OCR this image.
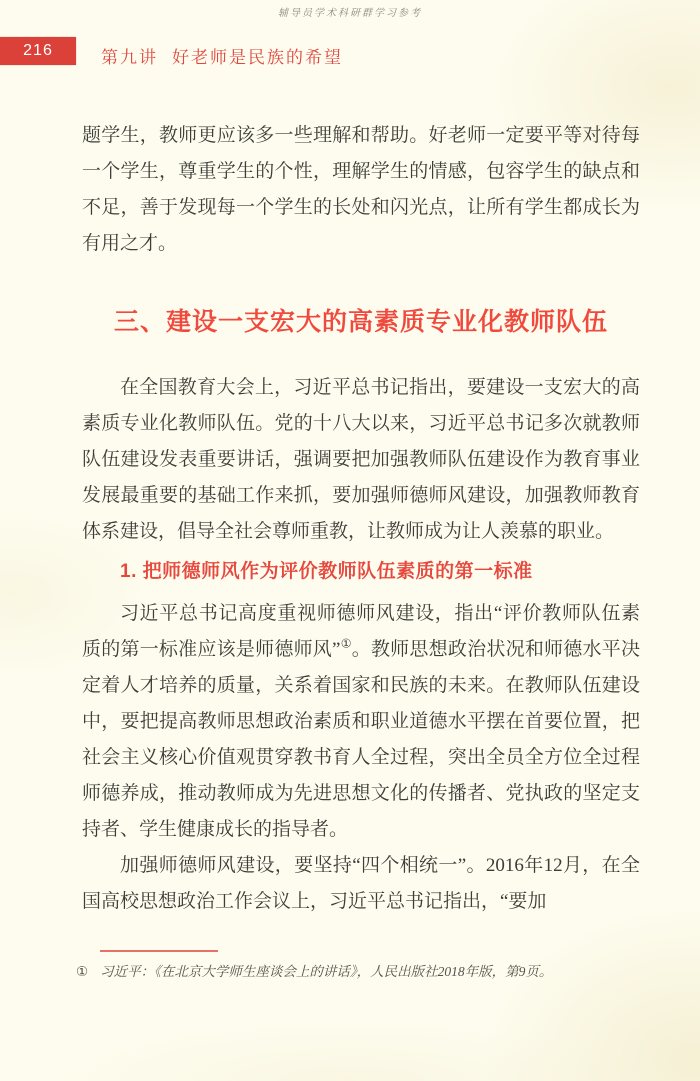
辅导员学术科研群学习参考
216	第九讲 好老师是民族的希望

题学生，教师更应该多一些理解和帮助。好老师一定要平等对待每一个学生，尊重学生的个性，理解学生的情感，包容学生的缺点和不足，善于发现每一个学生的长处和闪光点，让所有学生都成长为有用之才。

三、建设一支宏大的高素质专业化教师队伍

在全国教育大会上，习近平总书记指出，要建设一支宏大的高素质专业化教师队伍。党的十八大以来，习近平总书记多次就教师队伍建设发表重要讲话，强调要把加强教师队伍建设作为教育事业发展最重要的基础工作来抓，要加强师德师风建设，加强教师教育体系建设，倡导全社会尊师重教，让教师成为让人羡慕的职业。

1. 把师德师风作为评价教师队伍素质的第一标准

习近平总书记高度重视师德师风建设，指出“评价教师队伍素质的第一标准应该是师德师风”①。教师思想政治状况和师德水平决定着人才培养的质量，关系着国家和民族的未来。在教师队伍建设中，要把提高教师思想政治素质和职业道德水平摆在首要位置，把社会主义核心价值观贯穿教书育人全过程，突出全员全方位全过程师德养成，推动教师成为先进思想文化的传播者、党执政的坚定支持者、学生健康成长的指导者。

加强师德师风建设，要坚持“四个相统一”。2016年12月，在全国高校思想政治工作会议上，习近平总书记指出，“要加

① 习近平：《在北京大学师生座谈会上的讲话》，人民出版社2018年版，第9页。
